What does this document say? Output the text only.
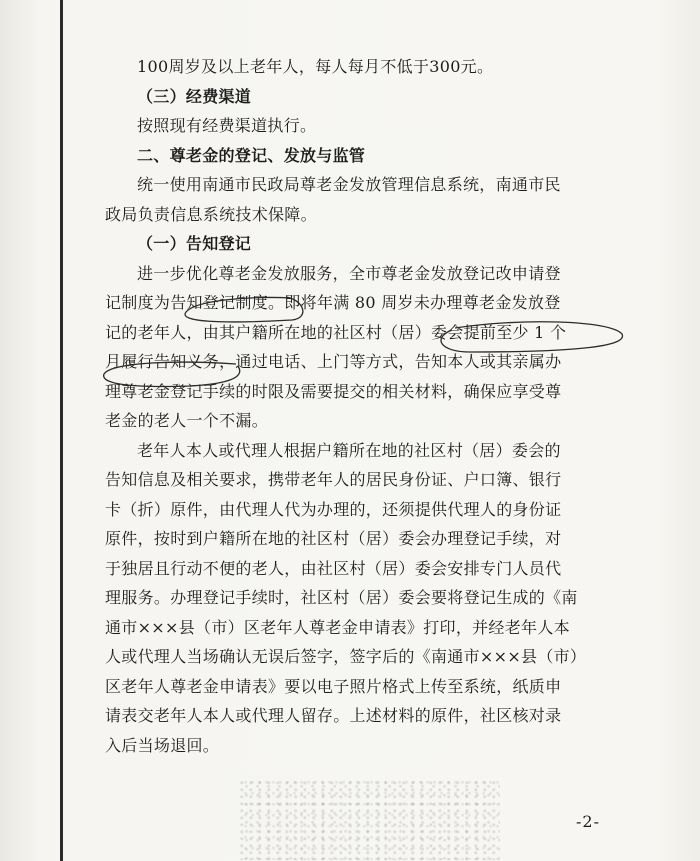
100周岁及以上老年人，每人每月不低于300元。
（三）经费渠道
按照现有经费渠道执行。
二、尊老金的登记、发放与监管
统一使用南通市民政局尊老金发放管理信息系统，南通市民
政局负责信息系统技术保障。
（一）告知登记
进一步优化尊老金发放服务，全市尊老金发放登记改申请登
记制度为告知登记制度。即将年满 80 周岁未办理尊老金发放登
记的老年人，由其户籍所在地的社区村（居）委会提前至少 1 个
月履行告知义务，通过电话、上门等方式，告知本人或其亲属办
理尊老金登记手续的时限及需要提交的相关材料，确保应享受尊
老金的老人一个不漏。
老年人本人或代理人根据户籍所在地的社区村（居）委会的
告知信息及相关要求，携带老年人的居民身份证、户口簿、银行
卡（折）原件，由代理人代为办理的，还须提供代理人的身份证
原件，按时到户籍所在地的社区村（居）委会办理登记手续，对
于独居且行动不便的老人，由社区村（居）委会安排专门人员代
理服务。办理登记手续时，社区村（居）委会要将登记生成的《南
通市×××县（市）区老年人尊老金申请表》打印，并经老年人本
人或代理人当场确认无误后签字，签字后的《南通市×××县（市）
区老年人尊老金申请表》要以电子照片格式上传至系统，纸质申
请表交老年人本人或代理人留存。上述材料的原件，社区核对录
入后当场退回。
-2-
